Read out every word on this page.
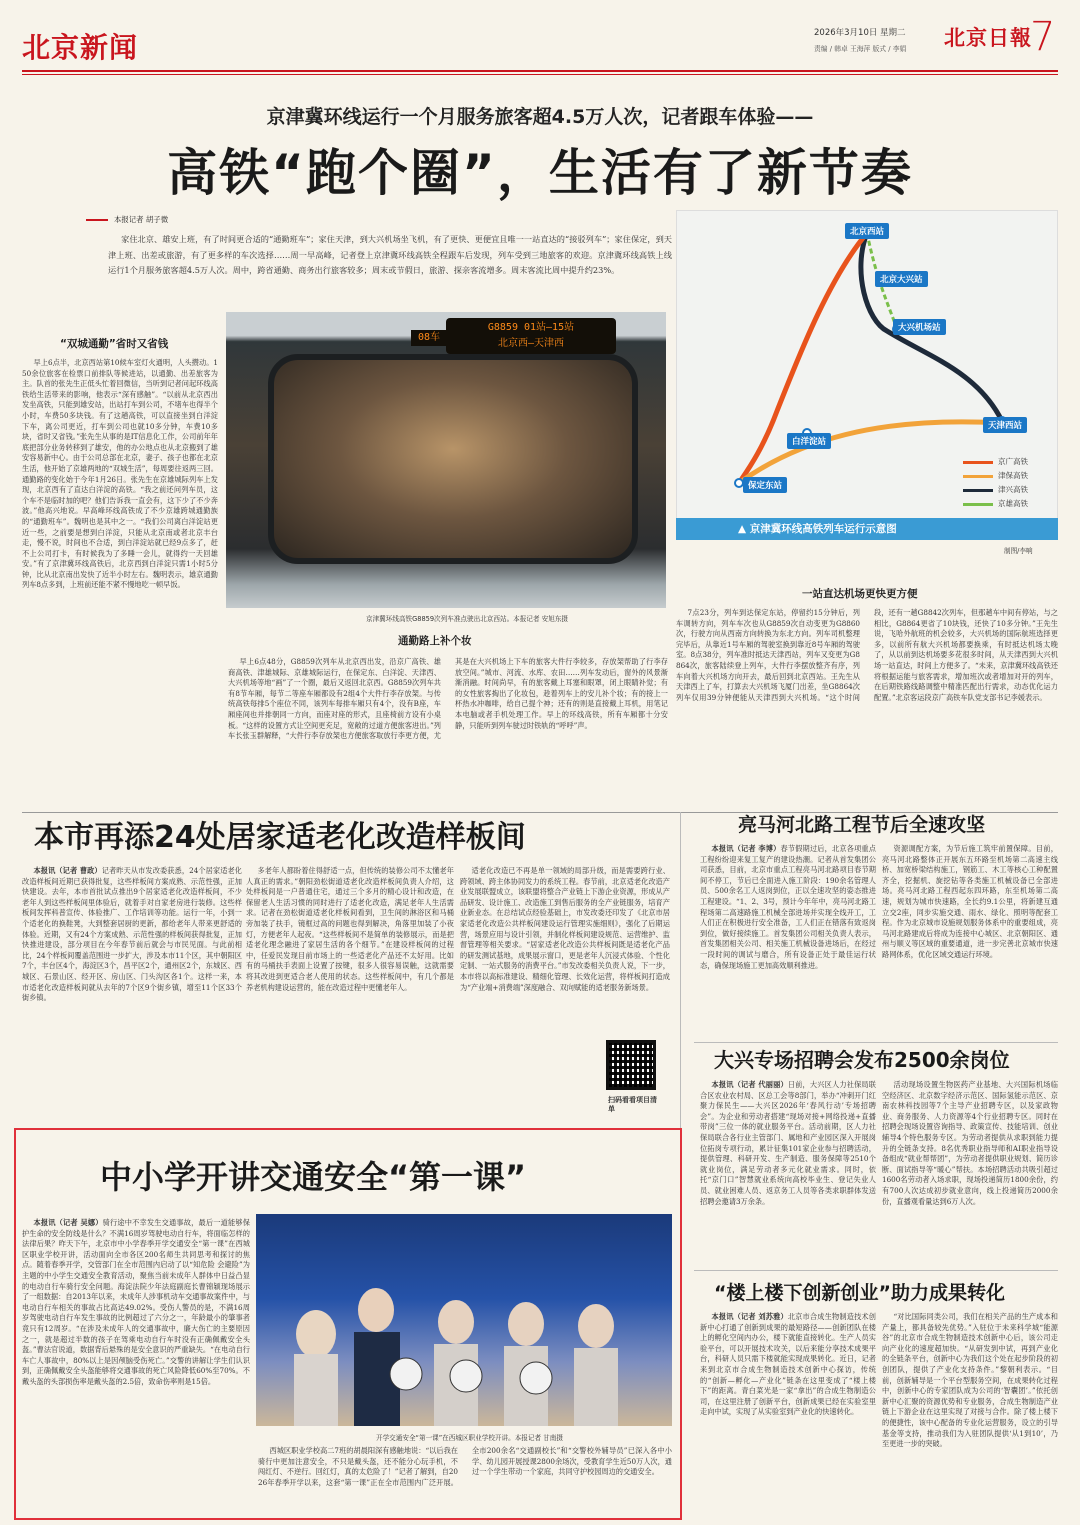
北京新闻	2026年3月10日 星期二
责编 / 韩卓 王海萍 版式 / 李娟 北京日報
7
京津冀环线运行一个月服务旅客超4.5万人次，记者跟车体验——
高铁“跑个圈”，生活有了新节奏
本报记者 胡子微
家住北京、雄安上班，有了时间更合适的“通勤班车”；家住天津，到大兴机场坐飞机，有了更快、更便宜且唯一一站直达的“接驳列车”；家住保定，到天津上班、出差或旅游，有了更多样的车次选择……周一早高峰，记者登上京津冀环线高铁全程跟车后发现，列车受到三地旅客的欢迎。京津冀环线高铁上线运行1个月服务旅客超4.5万人次。周中，跨省通勤、商务出行旅客较多；周末或节假日，旅游、探亲客流增多。周末客流比周中提升约23%。
“双城通勤”省时又省钱
早上6点半，北京西站第10候车室灯火通明，人头攒动。150余位旅客在检票口前排队等候进站，以通勤、出差旅客为主。队首的张先生正低头忙着回微信，当听到记者问起环线高铁给生活带来的影响，他表示“深有感触”。“以前从北京西出发坐高铁，只能到雄安站，出站打车到公司，不堵车也得半个小时，车费50多块钱。有了这趟高铁，可以直接坐到白洋淀下车，离公司更近，打车到公司也就10多分钟，车费10多块，省时又省钱。”张先生从事的是IT信息化工作，公司前年年底把部分业务转移到了雄安，他的办公地点也从北京搬到了雄安容易新中心。由于公司总部在北京，妻子、孩子也都在北京生活，他开始了京雄两地的“双城生活”，每周要往返两三回。通勤路的变化始于今年1月26日。张先生在京雄城际列车上发现，北京西有了直达白洋淀的高铁。“我之前还问列车员，这个车不是临时加的吧？他们告诉我一直会有，这下少了不少奔波。”他高兴地说。早高峰环线高铁成了不少京雄跨城通勤族的“通勤班车”。魏明也是其中之一。“我们公司离白洋淀站更近一些，之前要是想到白洋淀，只能从北京南或者北京丰台走，慢不说，时间也不合适，到白洋淀站就已经9点多了，赶不上公司打卡，有时候我为了多睡一会儿，就得约一天回雄安。”有了京津冀环线高铁后，北京西到白洋淀只需1小时5分钟，比从北京南出发快了近半小时左右。魏明表示，雄京通勤列车8点多到，上班前还能不紧不慢地吃一顿早饭。
08车
G8859 01站—15站
北京西—天津西
京津冀环线高铁G8859次列车准点驶出北京西站。本报记者 安旭东摄
通勤路上补个妆
早上6点48分，G8859次列车从北京西出发，沿京广高铁、雄商高铁、津雄城际、京雄城际运行，在保定东、白洋淀、天津西、大兴机场等地“画”了一个圈，最后又返回北京西。G8859次列车共有8节车厢，每节二等座车厢都设有2组4个大件行李存放架。与传统高铁每排5个座位不同，该列车每排车厢只有4个，没有B座，车厢座间也并排朝同一方向，而座对座的形式，且座椅前方设有小桌板。“这样的设置方式让空间更充足，宽敞的过道方便旅客进出。”列车长张玉群解释，“大件行李存放架也方便旅客取放行李更方便，尤其是在大兴机场上下车的旅客大件行李较多，存放架帮助了行李存放空间。”城市、河流、水库、农田……列车发动后，窗外的风景渐渐消融。时间尚早，有的旅客戴上耳塞和眼罩，闭上眼睛补觉；有的女性旅客掏出了化妆包，趁着列车上的安儿补个妆；有的接上一杯热水冲咖啡，给自己提个神；还有的则是直接戴上耳机，用笔记本电脑或者手机处理工作。早上的环线高铁，所有车厢都十分安静，只能听到列车驶过时铁轨的“呼呼”声。
北京西站
北京大兴站
大兴机场站
天津西站
白洋淀站
保定东站
京广高铁
津保高铁
津兴高铁
京雄高铁
▲ 京津冀环线高铁列车运行示意图
制图/李响
一站直达机场更快更方便
7点23分，列车到达保定东站，停留约15分钟后，列车调转方向，列车车次也从G8859次自动变更为G8860次，行驶方向从西南方向转换为东北方向。列车司机整理完毕后，从靠近1号车厢的驾驶室换到靠近8号车厢的驾驶室。8点38分，列车准时抵达天津西站，列车又变更为G8864次，旅客陆续登上列车，大件行李摆放整齐有序，列车向着大兴机场方向开去，最后回到北京西站。王先生从天津西上了车，打算去大兴机场飞厦门出差，坐G8864次列车仅用39分钟便能从天津西到大兴机场。“这个时间段，还有一趟G8842次列车，但那趟车中间有停站，与之相比，G8864更省了10块钱，还快了10多分钟。”王先生说，飞哈外航班的机会较多，大兴机场的国际航班选择更多，以前所有航大兴机场都要换乘，有时抵达机场太晚了，从以前到达机场要多花很多时间，从天津西到大兴机场一站直达，时间上方便多了。“未来，京津冀环线高铁还将根据运能与旅客需求，增加班次或者增加对开的列车，在后期铁路线路调整中精准匹配出行需求，动态优化运力配置。”北京客运段京广高铁车队党支部书记李媛表示。
本市再添24处居家适老化改造样板间
本报讯（记者 曹政）记者昨天从市发改委获悉，24个居家适老化改造样板间近期已获得批复，这些样板间方案成熟、示范性强，正加快建设。去年，本市首批试点推出9个居家适老化改造样板间，不少老年人到这些样板间里体验后，就着手对自家老房进行装修。这些样板间发挥科普宣传、体验推广、工作培训等功能。运行一年，小到一个适老化的换鞋凳，大到整套居厨的更新，都给老年人带来更舒适的体验。近期，又有24个方案成熟、示范性强的样板间获得批复，正加快推进建设，部分项目在今年春节前后就会与市民见面。与此前相比，24个样板间覆盖范围进一步扩大，涉及本市11个区，其中朝阳区7个，丰台区4个，海淀区3个，昌平区2个，通州区2个，东城区、西城区、石景山区、经开区、房山区、门头沟区各1个。这样一来，本市适老化改造样板间就从去年的7个区9个街乡镇，增至11个区33个街乡镇。
多老年人都盼着住得舒适一点，但传统的装修公司不太懂老年人真正的需求。”朝阳劲松街道适老化改造样板间负责人介绍，这处样板间是一户普通住宅，通过三个多月的精心设计和改造，在保留老人生活习惯的同时进行了适老化改造，满足老年人生活需求。记者在劲松街道适老化样板间看到，卫生间的淋浴区和马桶旁加装了扶手，镜框过高的问题也得到解决，角落里加装了小夜灯，方便老年人起夜。“这些样板间不是简单的装修展示，而是把适老化理念融进了家居生活的各个细节。”在建设样板间的过程中，任爱民发现目前市场上的一些适老化产品还不太好用。比如有的马桶扶手表面上设置了按键，很多人很容易误触，这就需要将其改进到更适合老人使用的状态。这些样板间中，有几个都是养老机构建设运营的，能在改造过程中更懂老年人。
适老化改造已不再是单一领域的局部升级，而是需要跨行业、跨领域、跨主体协同发力的系统工程。春节前，北京适老化改造产业发展联盟成立，该联盟将整合产业链上下游企业资源，形成从产品研发、设计施工、改造施工到售后服务的全产业链服务，培育产业新业态。在总结试点经验基础上，市发改委还印发了《北京市居家适老化改造公共样板间建设运行管理实施细则》，强化了后期运营，场景应用与设计引领，并制化样板间建设规范、运营维护、监督管理等相关要求。“居家适老化改造公共样板间既是适老化产品的研发测试基地，成果展示窗口，更是老年人沉浸式体验、个性化定制、一站式服务的消费平台。”市发改委相关负责人说，下一步，本市将以高标准建设、精细化管理、长效化运营，将样板间打造成为“产业端+消费端”深度融合、双向赋能的适老服务新场景。
扫码看看项目清单
中小学开讲交通安全“第一课”
本报讯（记者 吴娜）骑行途中不幸发生交通事故，最后一道能够保护生命的安全防线是什么？不满16周岁驾驶电动自行车，将面临怎样的法律后果？昨天下午，北京市中小学春季开学交通安全“第一课”在西城区职业学校开讲，活动面向全市各区200名师生共同思考和探讨的焦点。随着春季开学，交管部门在全市范围内启动了以“知危险 会避险”为主题的中小学生交通安全教育活动，聚焦当前未成年人群体中日益凸显的电动自行车骑行安全问题。海淀法院少年法庭副庭长曹锦颖现场展示了一组数据：自2013年以来，未成年人涉事机动车交通事故案件中，与电动自行车相关的事故占比高达49.02%。受伤人警员的是，不满16周岁驾驶电动自行车发生事故的比例超过了六分之一，年龄最小的肇事者竟只有12周岁。“在涉及未成年人的交通事故中，廉大伤亡的主要原因之一，就是超过半数的孩子在驾乘电动自行车时没有正确佩戴安全头盔。”曹法官说道，数据背后悬殊的是安全意识的严重缺失。“在电动自行车亡人事故中，80%以上是因颅脑受伤死亡。”交警的讲解让学生们认识到，正确佩戴安全头盔能够将交通事故的死亡风险降低60%至70%。不戴头盔的头部损伤率是戴头盔的2.5倍，致命伤率则是15倍。
开学交通安全“第一课”在西城区职业学校开讲。本报记者 甘南摄
西城区职业学校高二7班的胡晨阳深有感触地说：“以后我在骑行中更加注意安全，不只是戴头盔，还不能分心玩手机，不闯红灯、不逆行。回红灯，真的太危险了！”记者了解到，自2026年春季开学以来，这套“第一课”正在全市范围内广泛开展。全市200余名“交通副校长”和“交警校外辅导员”已深入各中小学、幼儿园开展授课2800余场次，受教育学生近50万人次，通过一个学生带动一个家庭，共同守护校园周边的交通安全。
亮马河北路工程节后全速攻坚
本报讯（记者 李博）春节假期过后，北京各项重点工程纷纷迎来复工复产的建设热潮。记者从首发集团公司获悉，目前，北京市重点工程亮马河北路项目春节期间不停工，节后已全面进入施工阶段：190余名管理人员、500余名工人返岗到位，正以全速攻坚的姿态推进工程建设。“1、2、3号，预计今年年中，亮马河北路工程场第二高速路施工机械全部进场并实现全线开工，工人们正在积极进行安全准备，工人们正在错落有致返岗到位，做好接续施工。首发集团公司相关负责人表示，首发集团相关公司、相关施工机械设备进场后，在经过一段时间的调试与磨合，所有设备正处于最佳运行状态，确保现场施工更加高效顺利推进。
资源调配方案，为节后施工筑牢前置保障。目前，亮马河北路整体正开展东五环路至机场第二高速主线桥、加宽桥梁结构施工，钢筋工、木工等核心工种配置齐全，挖掘机、旋挖钻等各类施工机械设备已全部进场。亮马河北路工程西起东四环路，东至机场第二高速，规划为城市快速路，全长约9.1公里，将新建互通立交2座，同步实施交通、雨水、绿化、照明等配套工程。作为北京城市设施规划服务体系中的重要组成，亮马河北路建成后将成为连接中心城区、北京朝阳区、通州与顺义等区域的重要通道，进一步完善北京城市快速路网体系，优化区域交通运行环境。
大兴专场招聘会发布2500余岗位
本报讯（记者 代丽丽）日前，大兴区人力社保局联合区农业农村局、区总工会等8部门，举办“冲刺开门红 聚力保民生——大兴区2026年‘春风行动’专场招聘会”。为企业和劳动者搭建“现场对接+网络投递+直播带岗”三位一体的就业服务平台。活动前期，区人力社保局联合各行业主管部门、属地和产业园区深入开展岗位拓岗专项行动，累计征集101家企业参与招聘活动，提供管理、科研开发、生产制造、服务保障等2510个就业岗位，满足劳动者多元化就业需求。同时，依托“京门口”智慧就业系统向高校毕业生、登记失业人员、就业困难人员、返京务工人员等各类求职群体发送招聘会邀请3万余条。
活动现场设置生物医药产业基地、大兴国际机场临空经济区、北京数字经济示范区、国际氢能示范区、京南农林科技园等7个主导产业招聘专区，以及家政物业、商务服务、人力资源等4个行业招聘专区。同时在招聘会现场设置咨询指导、政策宣传、技能培训、创业辅导4个特色服务专区。为劳动者提供从求职到能力提升的全链条支持。8名优秀职业指导师和AI职业指导设备组成“就业帮帮团”，为劳动者提供职业规划、简历诊断、面试指导等“暖心”帮扶。本场招聘活动共吸引超过1600名劳动者入场求职，现场投递简历1800余份，约有700人次达成初步就业意向，线上投递简历2000余份，直播观看量达到6万人次。
“楼上楼下创新创业”助力成果转化
本报讯（记者 刘苏雅）北京市合成生物制造技术创新中心打通了创新到成果的最短路径——创新团队在楼上的孵化空间内办公，楼下就能直接转化。生产人员实验平台，可以开展技术攻关，以后来能分享技术成果平台，科研人员只需下楼就能实现成果转化。近日，记者来到北京市合成生物制造技术创新中心探访，传统的“创新—孵化—产业化”链条在这里变成了“楼上楼下”的距离。青白菜光是一家“拿出”的合成生物制造公司，在这里注册了创新平台，创新成果已经在实验室里走向中试，实现了从实验室到产业化的快速转化。
“对比国际同类公司，我们在相关产品的生产成本和产量上，都具备较先优势。”入驻位于未来科学城“能源谷”的北京市合成生物制造技术创新中心后，该公司走向产业化的速度超加快。“从研发到中试，再到产业化的全链条平台，创新中心为我们这个处在起步阶段的初创团队，提供了产业化支持条件。”黎朝利表示。“目前，创新辅导是一个平台型服务空间，在成果转化过程中，创新中心的专家团队成为公司的‘智囊团’。”依托创新中心汇聚的资源优势和专业服务，合成生物制造产业链上下游企业在这里实现了对接与合作。除了楼上楼下的便捷性，该中心配备的专业化运营服务，设立的引导基金等支持，推动我们为入驻团队提供‘从1到10’，乃至更进一步的突破。
